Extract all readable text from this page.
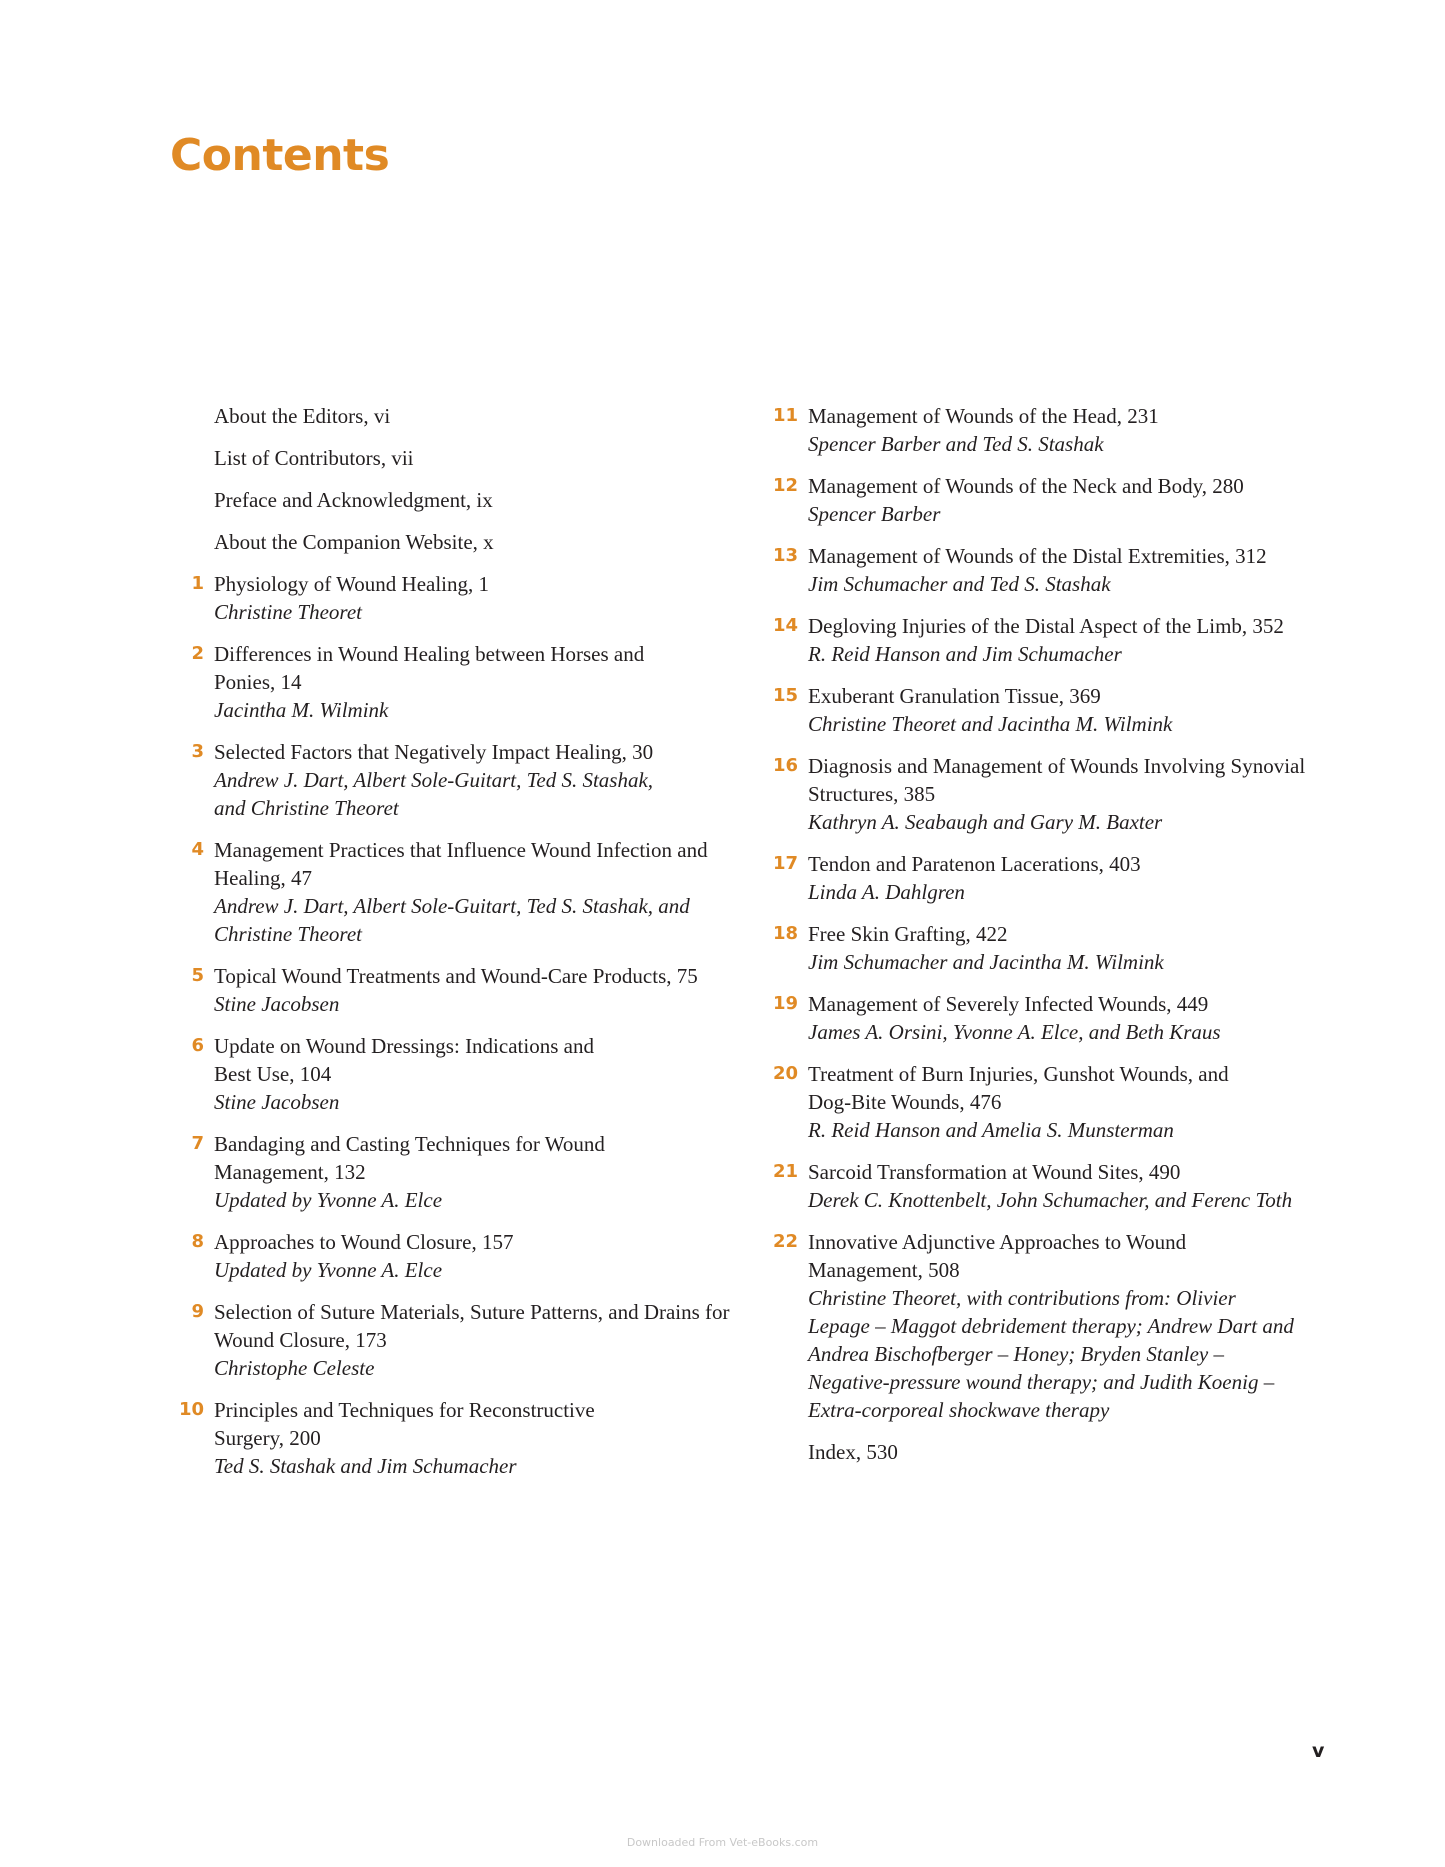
Contents
About the Editors, vi
List of Contributors, vii
Preface and Acknowledgment, ix
About the Companion Website, x
1 Physiology of Wound Healing, 1
Christine Theoret
2 Differences in Wound Healing between Horses and Ponies, 14
Jacintha M. Wilmink
3 Selected Factors that Negatively Impact Healing, 30
Andrew J. Dart, Albert Sole-Guitart, Ted S. Stashak, and Christine Theoret
4 Management Practices that Influence Wound Infection and Healing, 47
Andrew J. Dart, Albert Sole-Guitart, Ted S. Stashak, and Christine Theoret
5 Topical Wound Treatments and Wound-Care Products, 75
Stine Jacobsen
6 Update on Wound Dressings: Indications and Best Use, 104
Stine Jacobsen
7 Bandaging and Casting Techniques for Wound Management, 132
Updated by Yvonne A. Elce
8 Approaches to Wound Closure, 157
Updated by Yvonne A. Elce
9 Selection of Suture Materials, Suture Patterns, and Drains for Wound Closure, 173
Christophe Celeste
10 Principles and Techniques for Reconstructive Surgery, 200
Ted S. Stashak and Jim Schumacher
11 Management of Wounds of the Head, 231
Spencer Barber and Ted S. Stashak
12 Management of Wounds of the Neck and Body, 280
Spencer Barber
13 Management of Wounds of the Distal Extremities, 312
Jim Schumacher and Ted S. Stashak
14 Degloving Injuries of the Distal Aspect of the Limb, 352
R. Reid Hanson and Jim Schumacher
15 Exuberant Granulation Tissue, 369
Christine Theoret and Jacintha M. Wilmink
16 Diagnosis and Management of Wounds Involving Synovial Structures, 385
Kathryn A. Seabaugh and Gary M. Baxter
17 Tendon and Paratenon Lacerations, 403
Linda A. Dahlgren
18 Free Skin Grafting, 422
Jim Schumacher and Jacintha M. Wilmink
19 Management of Severely Infected Wounds, 449
James A. Orsini, Yvonne A. Elce, and Beth Kraus
20 Treatment of Burn Injuries, Gunshot Wounds, and Dog-Bite Wounds, 476
R. Reid Hanson and Amelia S. Munsterman
21 Sarcoid Transformation at Wound Sites, 490
Derek C. Knottenbelt, John Schumacher, and Ferenc Toth
22 Innovative Adjunctive Approaches to Wound Management, 508
Christine Theoret, with contributions from: Olivier Lepage – Maggot debridement therapy; Andrew Dart and Andrea Bischofberger – Honey; Bryden Stanley – Negative-pressure wound therapy; and Judith Koenig – Extra-corporeal shockwave therapy
Index, 530
v
Downloaded From Vet-eBooks.com
